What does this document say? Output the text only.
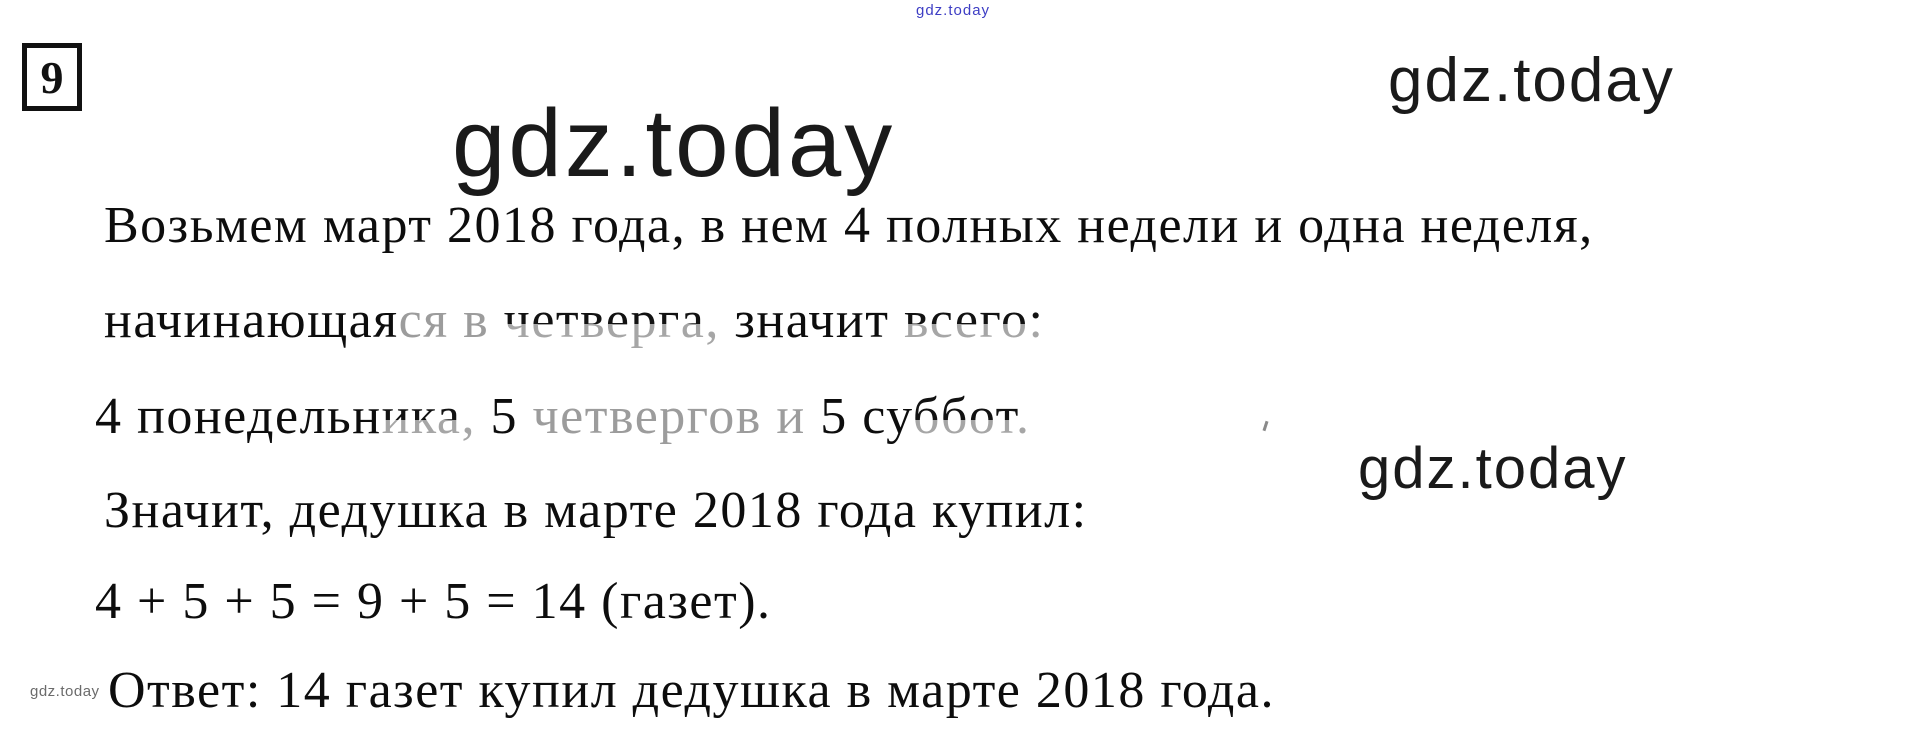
gdz.today
9
gdz.today
gdz.today
gdz.today
gdz.today
Возьмем март 2018 года, в нем 4 полных недели и одна неделя,
начинающаяся в четверга, значит всего:
4 понедельника, 5 четвергов и 5 суббот.
Значит, дедушка в марте 2018 года купил:
4 + 5 + 5 = 9 + 5 = 14 (газет).
Ответ: 14 газет купил дедушка в марте 2018 года.
